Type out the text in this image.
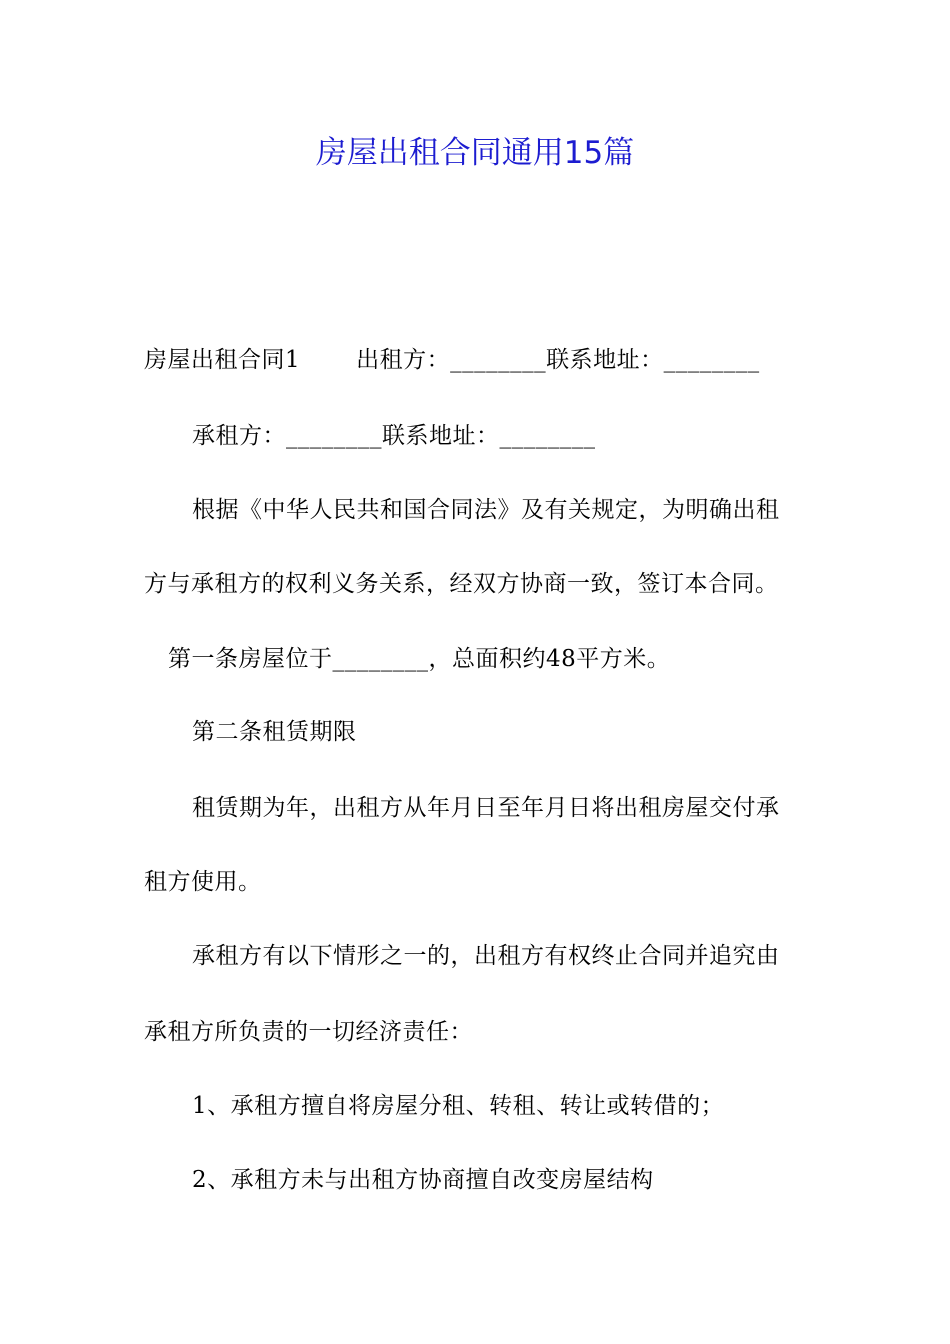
房屋出租合同通用15篇
房屋出租合同1 出租方：________联系地址：________
承租方：________联系地址：________
根据《中华人民共和国合同法》及有关规定，为明确出租
方与承租方的权利义务关系，经双方协商一致，签订本合同。
第一条房屋位于________，总面积约48平方米。
第二条租赁期限
租赁期为年，出租方从年月日至年月日将出租房屋交付承
租方使用。
承租方有以下情形之一的，出租方有权终止合同并追究由
承租方所负责的一切经济责任：
1、承租方擅自将房屋分租、转租、转让或转借的；
2、承租方未与出租方协商擅自改变房屋结构
